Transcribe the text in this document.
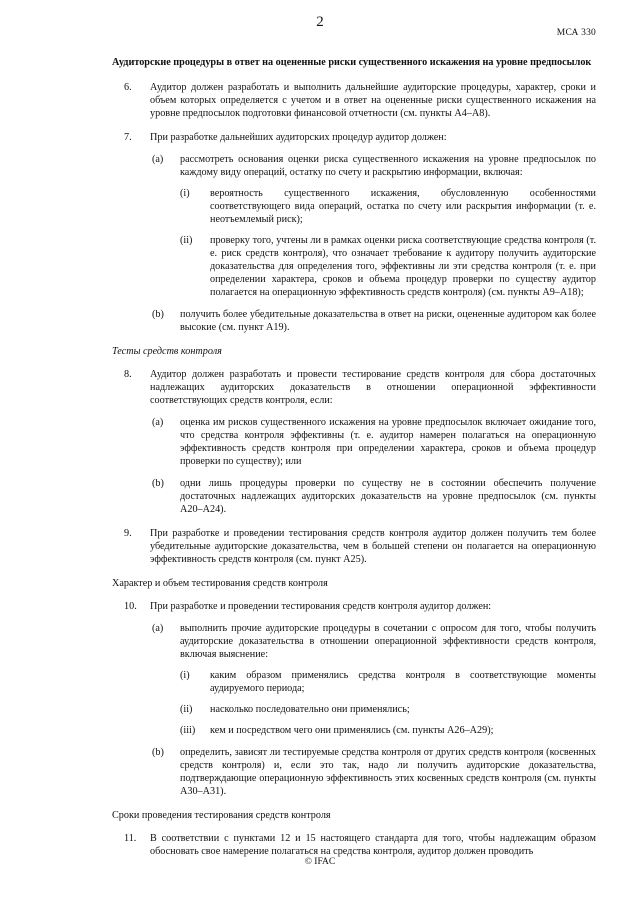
2
МСА 330
Аудиторские процедуры в ответ на оцененные риски существенного искажения на уровне предпосылок
6. Аудитор должен разработать и выполнить дальнейшие аудиторские процедуры, характер, сроки и объем которых определяется с учетом и в ответ на оцененные риски существенного искажения на уровне предпосылок подготовки финансовой отчетности (см. пункты А4–А8).
7. При разработке дальнейших аудиторских процедур аудитор должен:
(a) рассмотреть основания оценки риска существенного искажения на уровне предпосылок по каждому виду операций, остатку по счету и раскрытию информации, включая:
(i) вероятность существенного искажения, обусловленную особенностями соответствующего вида операций, остатка по счету или раскрытия информации (т. е. неотъемлемый риск);
(ii) проверку того, учтены ли в рамках оценки риска соответствующие средства контроля (т. е. риск средств контроля), что означает требование к аудитору получить аудиторские доказательства для определения того, эффективны ли эти средства контроля (т. е. при определении характера, сроков и объема процедур проверки по существу аудитор полагается на операционную эффективность средств контроля) (см. пункты А9–А18);
(b) получить более убедительные доказательства в ответ на риски, оцененные аудитором как более высокие (см. пункт А19).
Тесты средств контроля
8. Аудитор должен разработать и провести тестирование средств контроля для сбора достаточных надлежащих аудиторских доказательств в отношении операционной эффективности соответствующих средств контроля, если:
(a) оценка им рисков существенного искажения на уровне предпосылок включает ожидание того, что средства контроля эффективны (т. е. аудитор намерен полагаться на операционную эффективность средств контроля при определении характера, сроков и объема процедур проверки по существу); или
(b) одни лишь процедуры проверки по существу не в состоянии обеспечить получение достаточных надлежащих аудиторских доказательств на уровне предпосылок (см. пункты А20–А24).
9. При разработке и проведении тестирования средств контроля аудитор должен получить тем более убедительные аудиторские доказательства, чем в большей степени он полагается на операционную эффективность средств контроля (см. пункт А25).
Характер и объем тестирования средств контроля
10. При разработке и проведении тестирования средств контроля аудитор должен:
(a) выполнить прочие аудиторские процедуры в сочетании с опросом для того, чтобы получить аудиторские доказательства в отношении операционной эффективности средств контроля, включая выяснение:
(i) каким образом применялись средства контроля в соответствующие моменты аудируемого периода;
(ii) насколько последовательно они применялись;
(iii) кем и посредством чего они применялись (см. пункты А26–А29);
(b) определить, зависят ли тестируемые средства контроля от других средств контроля (косвенных средств контроля) и, если это так, надо ли получить аудиторские доказательства, подтверждающие операционную эффективность этих косвенных средств контроля (см. пункты А30–А31).
Сроки проведения тестирования средств контроля
11. В соответствии с пунктами 12 и 15 настоящего стандарта для того, чтобы надлежащим образом обосновать свое намерение полагаться на средства контроля, аудитор должен проводить
© IFAC
